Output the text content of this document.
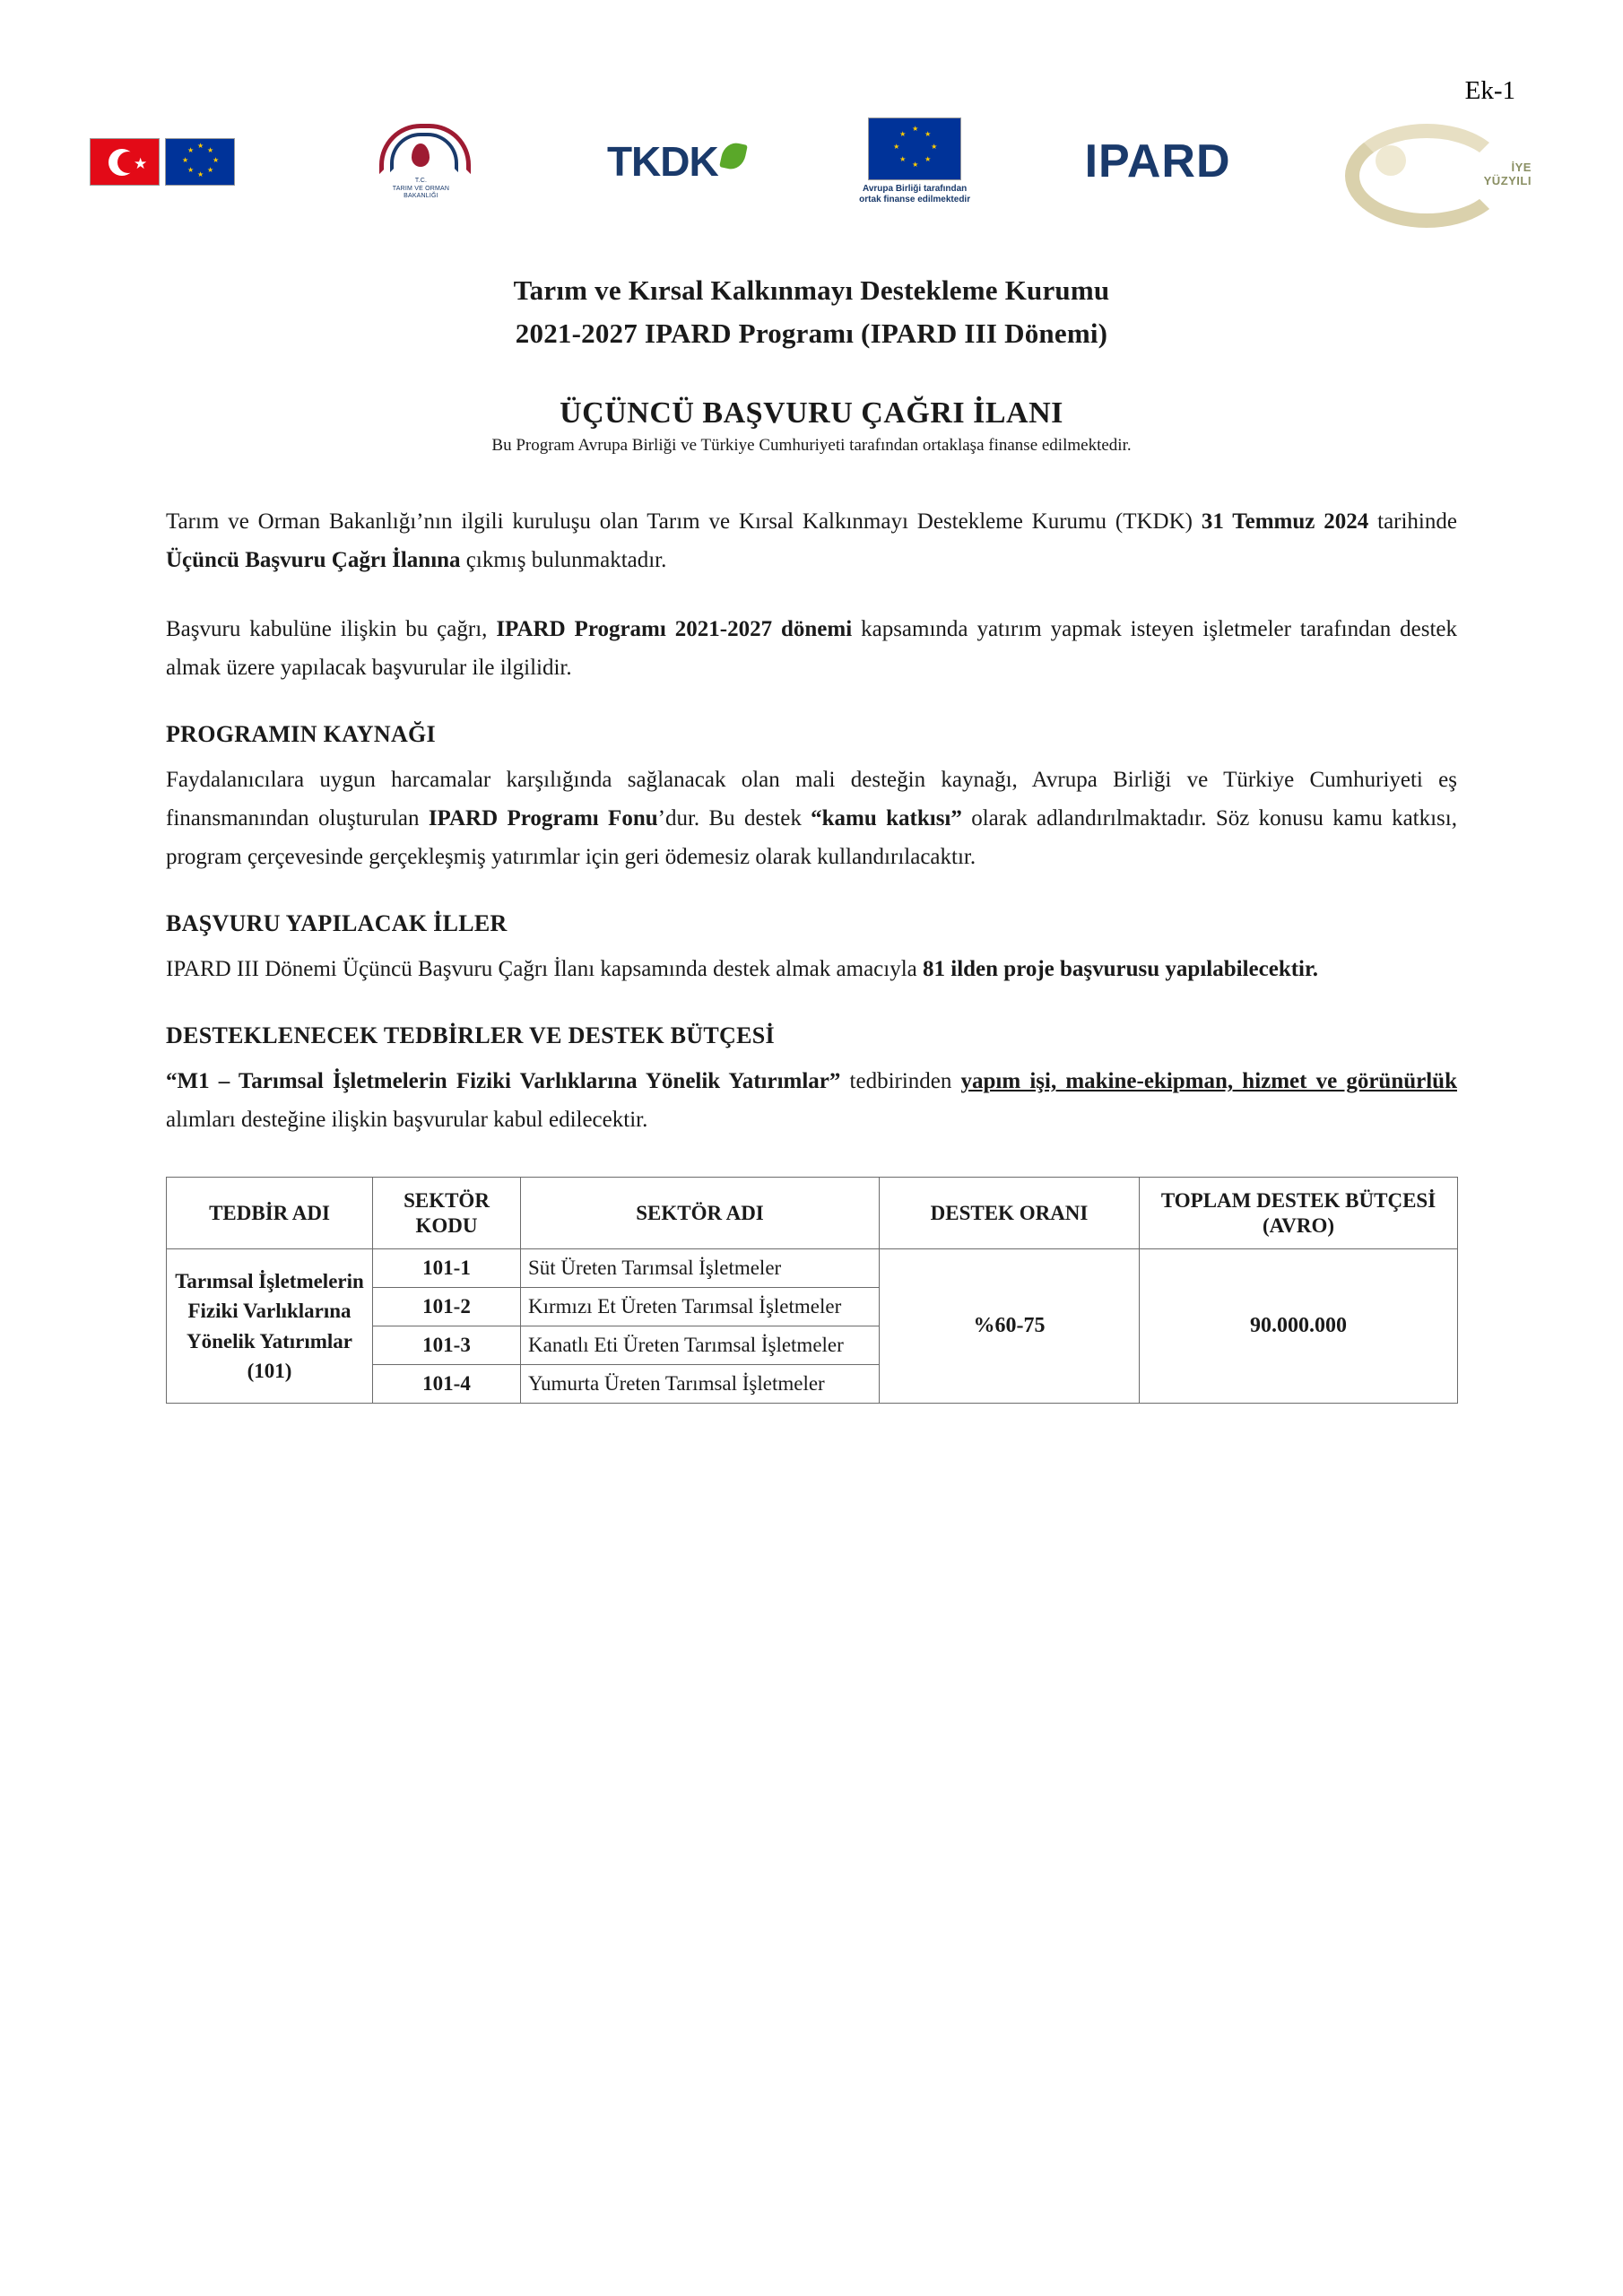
Ek-1
★
★
★
★
★
★
★
★
★
T.C.
TARIM VE ORMAN
BAKANLIĞI
TKDK
★
★
★
★
★
★
★
★
Avrupa Birliği tarafından
ortak finanse edilmektedir
IPARD	İYE
YÜZYILI
Tarım ve Kırsal Kalkınmayı Destekleme Kurumu
2021-2027 IPARD Programı (IPARD III Dönemi)
ÜÇÜNCÜ BAŞVURU ÇAĞRI İLANI

Bu Program Avrupa Birliği ve Türkiye Cumhuriyeti tarafından ortaklaşa finanse edilmektedir.

Tarım ve Orman Bakanlığı’nın ilgili kuruluşu olan Tarım ve Kırsal Kalkınmayı Destekleme Kurumu (TKDK) 31 Temmuz 2024 tarihinde Üçüncü Başvuru Çağrı İlanına çıkmış bulunmaktadır.

Başvuru kabulüne ilişkin bu çağrı, IPARD Programı 2021-2027 dönemi kapsamında yatırım yapmak isteyen işletmeler tarafından destek almak üzere yapılacak başvurular ile ilgilidir.

PROGRAMIN KAYNAĞI

Faydalanıcılara uygun harcamalar karşılığında sağlanacak olan mali desteğin kaynağı, Avrupa Birliği ve Türkiye Cumhuriyeti eş finansmanından oluşturulan IPARD Programı Fonu’dur. Bu destek “kamu katkısı” olarak adlandırılmaktadır. Söz konusu kamu katkısı, program çerçevesinde gerçekleşmiş yatırımlar için geri ödemesiz olarak kullandırılacaktır.

BAŞVURU YAPILACAK İLLER

IPARD III Dönemi Üçüncü Başvuru Çağrı İlanı kapsamında destek almak amacıyla 81 ilden proje başvurusu yapılabilecektir.

DESTEKLENECEK TEDBİRLER VE DESTEK BÜTÇESİ

“M1 – Tarımsal İşletmelerin Fiziki Varlıklarına Yönelik Yatırımlar” tedbirinden yapım işi, makine-ekipman, hizmet ve görünürlük alımları desteğine ilişkin başvurular kabul edilecektir.

TEDBİR ADI	SEKTÖR KODU	SEKTÖR ADI	DESTEK ORANI	TOPLAM DESTEK BÜTÇESİ (AVRO)
Tarımsal İşletmelerin Fiziki Varlıklarına Yönelik Yatırımlar (101)	101-1	Süt Üreten Tarımsal İşletmeler	%60-75	90.000.000
	101-2	Kırmızı Et Üreten Tarımsal İşletmeler		
	101-3	Kanatlı Eti Üreten Tarımsal İşletmeler		
	101-4	Yumurta Üreten Tarımsal İşletmeler		
